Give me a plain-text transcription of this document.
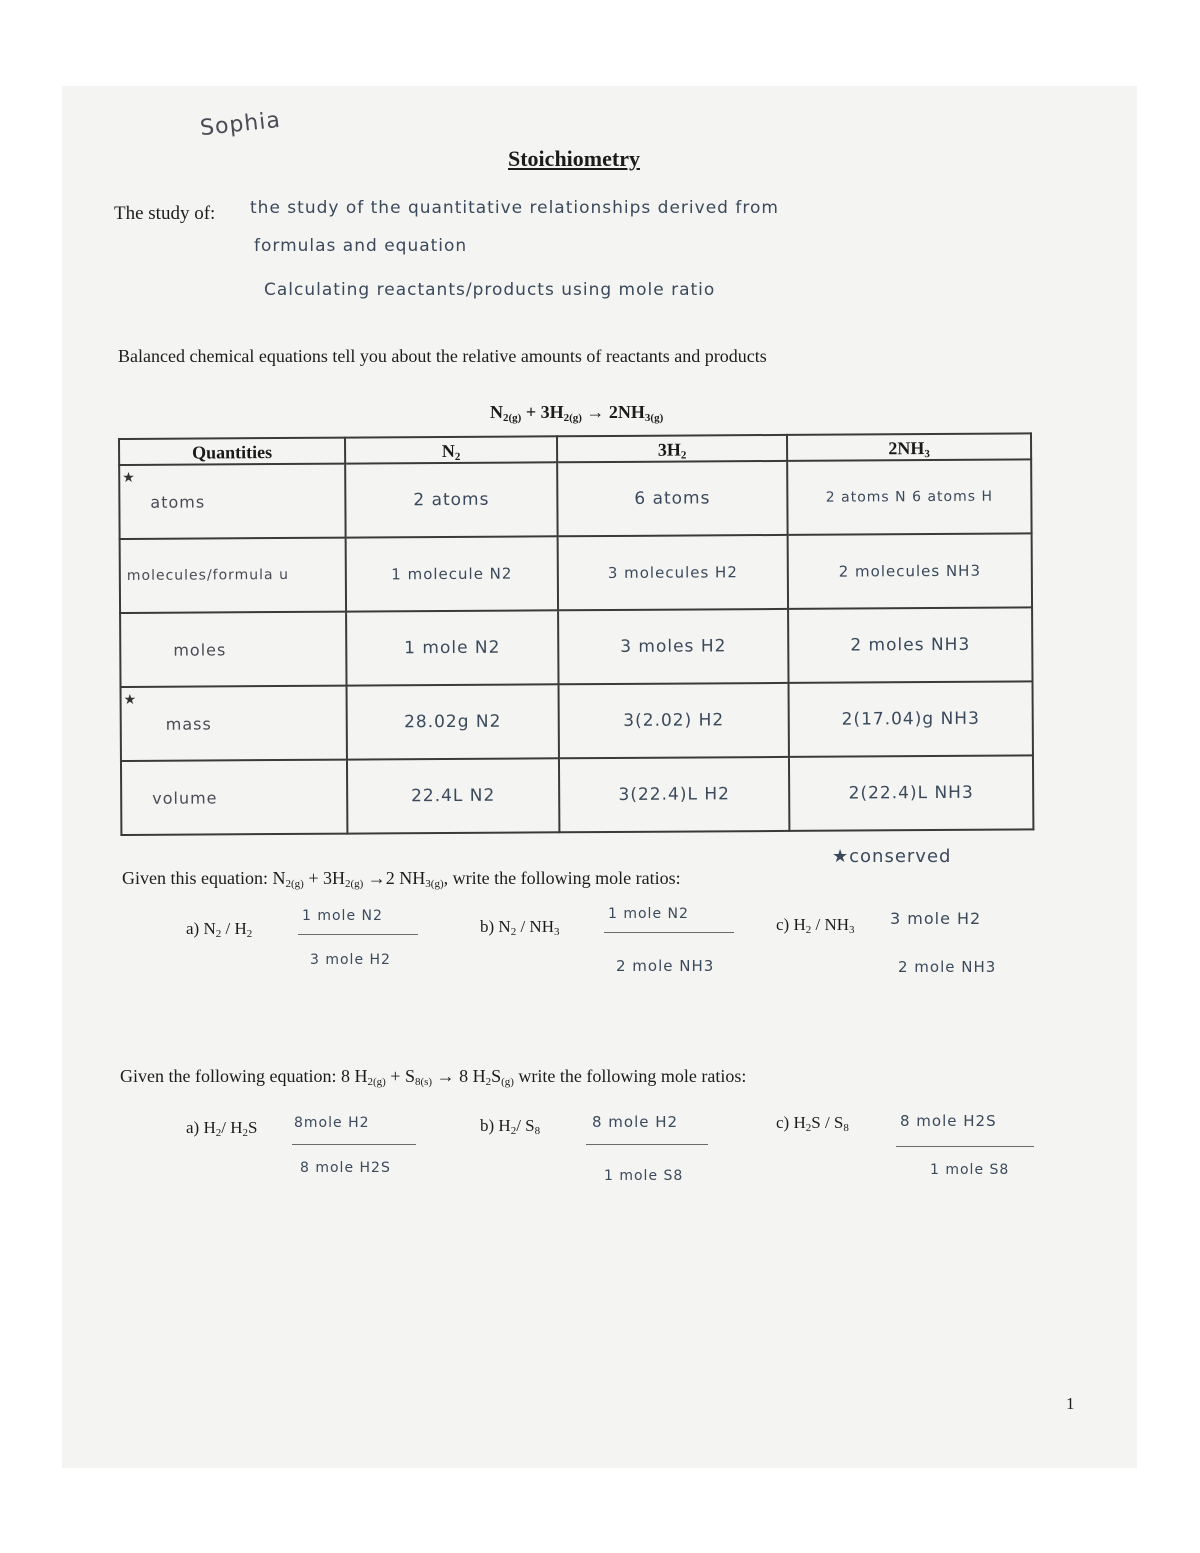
Sophia
Stoichiometry
The study of: the study of the quantitative relationships derived from
formulas and equation
Calculating reactants/products using mole ratio
Balanced chemical equations tell you about the relative amounts of reactants and products
$N_{2(g)} + 3H_{2(g)} \to 2NH_{3(g)}$
Quantities	$N_2$	$3H_2$	$2NH_3$

★
atoms	2 atoms	6 atoms	2 atoms N 6 atoms H
molecules/formula u	1 molecule N2	3 molecules H2	2 molecules NH3
moles	1 mole N2	3 moles H2	2 moles NH3

★
mass	28.02g N2	3(2.02) H2	2(17.04)g NH3
volume	22.4L N2	3(22.4)L H2	2(22.4)L NH3
★conserved
Given this equation: $N_{2(g)} + 3H_{2(g)} \to 2$ $NH_{3(g)}$, write the following mole ratios:
a) $N_2 / H_2$
1 mole N2
3 mole H2
b) $N_2 / NH_3$
1 mole N2
2 mole NH3
c) $H_2 / NH_3$
3 mole H2
2 mole NH3
Given the following equation: 8 $H_{2(g)} + S_{8(s)} \to 8$ $H_2S_{(g)}$ write the following mole ratios:
a) $H_2/$ $H_2S$	8mole H2
8 mole H2S
b) $H_2/$ $S_8$	8 mole H2
1 mole S8
c) $H_2S / S_8$	8 mole H2S
1 mole S8
1
